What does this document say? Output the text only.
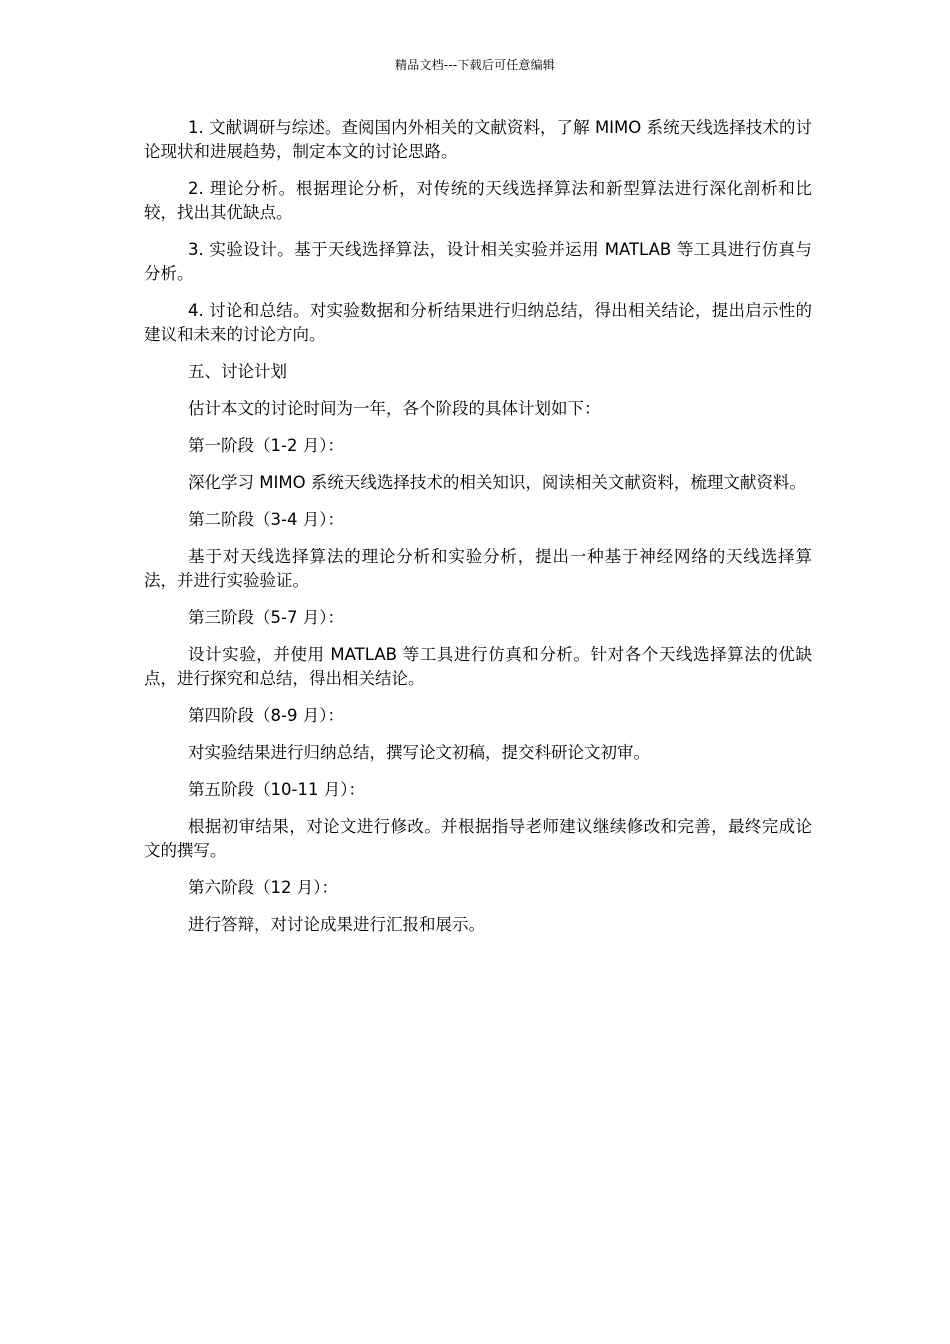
精品文档---下载后可任意编辑

1. 文献调研与综述。查阅国内外相关的文献资料，了解 MIMO 系统天线选择技术的讨论现状和进展趋势，制定本文的讨论思路。

2. 理论分析。根据理论分析，对传统的天线选择算法和新型算法进行深化剖析和比较，找出其优缺点。

3. 实验设计。基于天线选择算法，设计相关实验并运用 MATLAB 等工具进行仿真与分析。

4. 讨论和总结。对实验数据和分析结果进行归纳总结，得出相关结论，提出启示性的建议和未来的讨论方向。

五、讨论计划

估计本文的讨论时间为一年，各个阶段的具体计划如下：

第一阶段（1-2 月）：

深化学习 MIMO 系统天线选择技术的相关知识，阅读相关文献资料，梳理文献资料。

第二阶段（3-4 月）：

基于对天线选择算法的理论分析和实验分析，提出一种基于神经网络的天线选择算法，并进行实验验证。

第三阶段（5-7 月）：

设计实验，并使用 MATLAB 等工具进行仿真和分析。针对各个天线选择算法的优缺点，进行探究和总结，得出相关结论。

第四阶段（8-9 月）：

对实验结果进行归纳总结，撰写论文初稿，提交科研论文初审。

第五阶段（10-11 月）：

根据初审结果，对论文进行修改。并根据指导老师建议继续修改和完善，最终完成论文的撰写。

第六阶段（12 月）：

进行答辩，对讨论成果进行汇报和展示。
